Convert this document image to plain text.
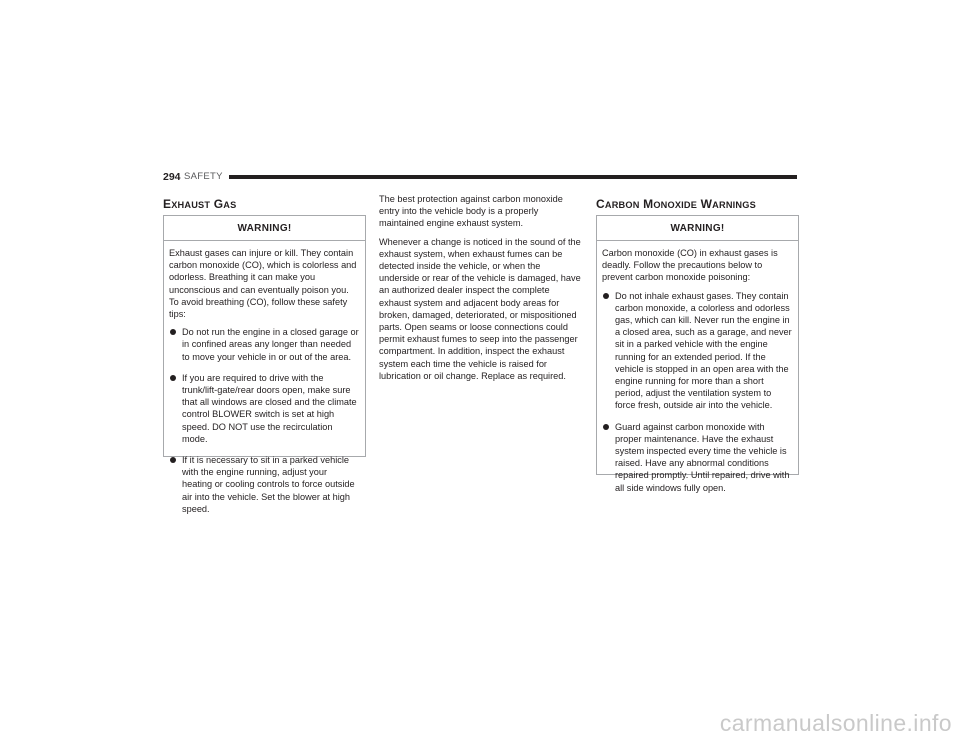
294 SAFETY
EXHAUST GAS
WARNING!

Exhaust gases can injure or kill. They contain carbon monoxide (CO), which is colorless and odorless. Breathing it can make you unconscious and can eventually poison you. To avoid breathing (CO), follow these safety tips:

Do not run the engine in a closed garage or in confined areas any longer than needed to move your vehicle in or out of the area.
If you are required to drive with the trunk/lift-gate/rear doors open, make sure that all windows are closed and the climate control BLOWER switch is set at high speed. DO NOT use the recirculation mode.
If it is necessary to sit in a parked vehicle with the engine running, adjust your heating or cooling controls to force outside air into the vehicle. Set the blower at high speed.

The best protection against carbon monoxide entry into the vehicle body is a properly maintained engine exhaust system.

Whenever a change is noticed in the sound of the exhaust system, when exhaust fumes can be detected inside the vehicle, or when the underside or rear of the vehicle is damaged, have an authorized dealer inspect the complete exhaust system and adjacent body areas for broken, damaged, deteriorated, or mispositioned parts. Open seams or loose connections could permit exhaust fumes to seep into the passenger compartment. In addition, inspect the exhaust system each time the vehicle is raised for lubrication or oil change. Replace as required.

CARBON MONOXIDE WARNINGS
WARNING!

Carbon monoxide (CO) in exhaust gases is deadly. Follow the precautions below to prevent carbon monoxide poisoning:

Do not inhale exhaust gases. They contain carbon monoxide, a colorless and odorless gas, which can kill. Never run the engine in a closed area, such as a garage, and never sit in a parked vehicle with the engine running for an extended period. If the vehicle is stopped in an open area with the engine running for more than a short period, adjust the ventilation system to force fresh, outside air into the vehicle.
Guard against carbon monoxide with proper maintenance. Have the exhaust system inspected every time the vehicle is raised. Have any abnormal conditions repaired promptly. Until repaired, drive with all side windows fully open.
carmanualsonline.info
